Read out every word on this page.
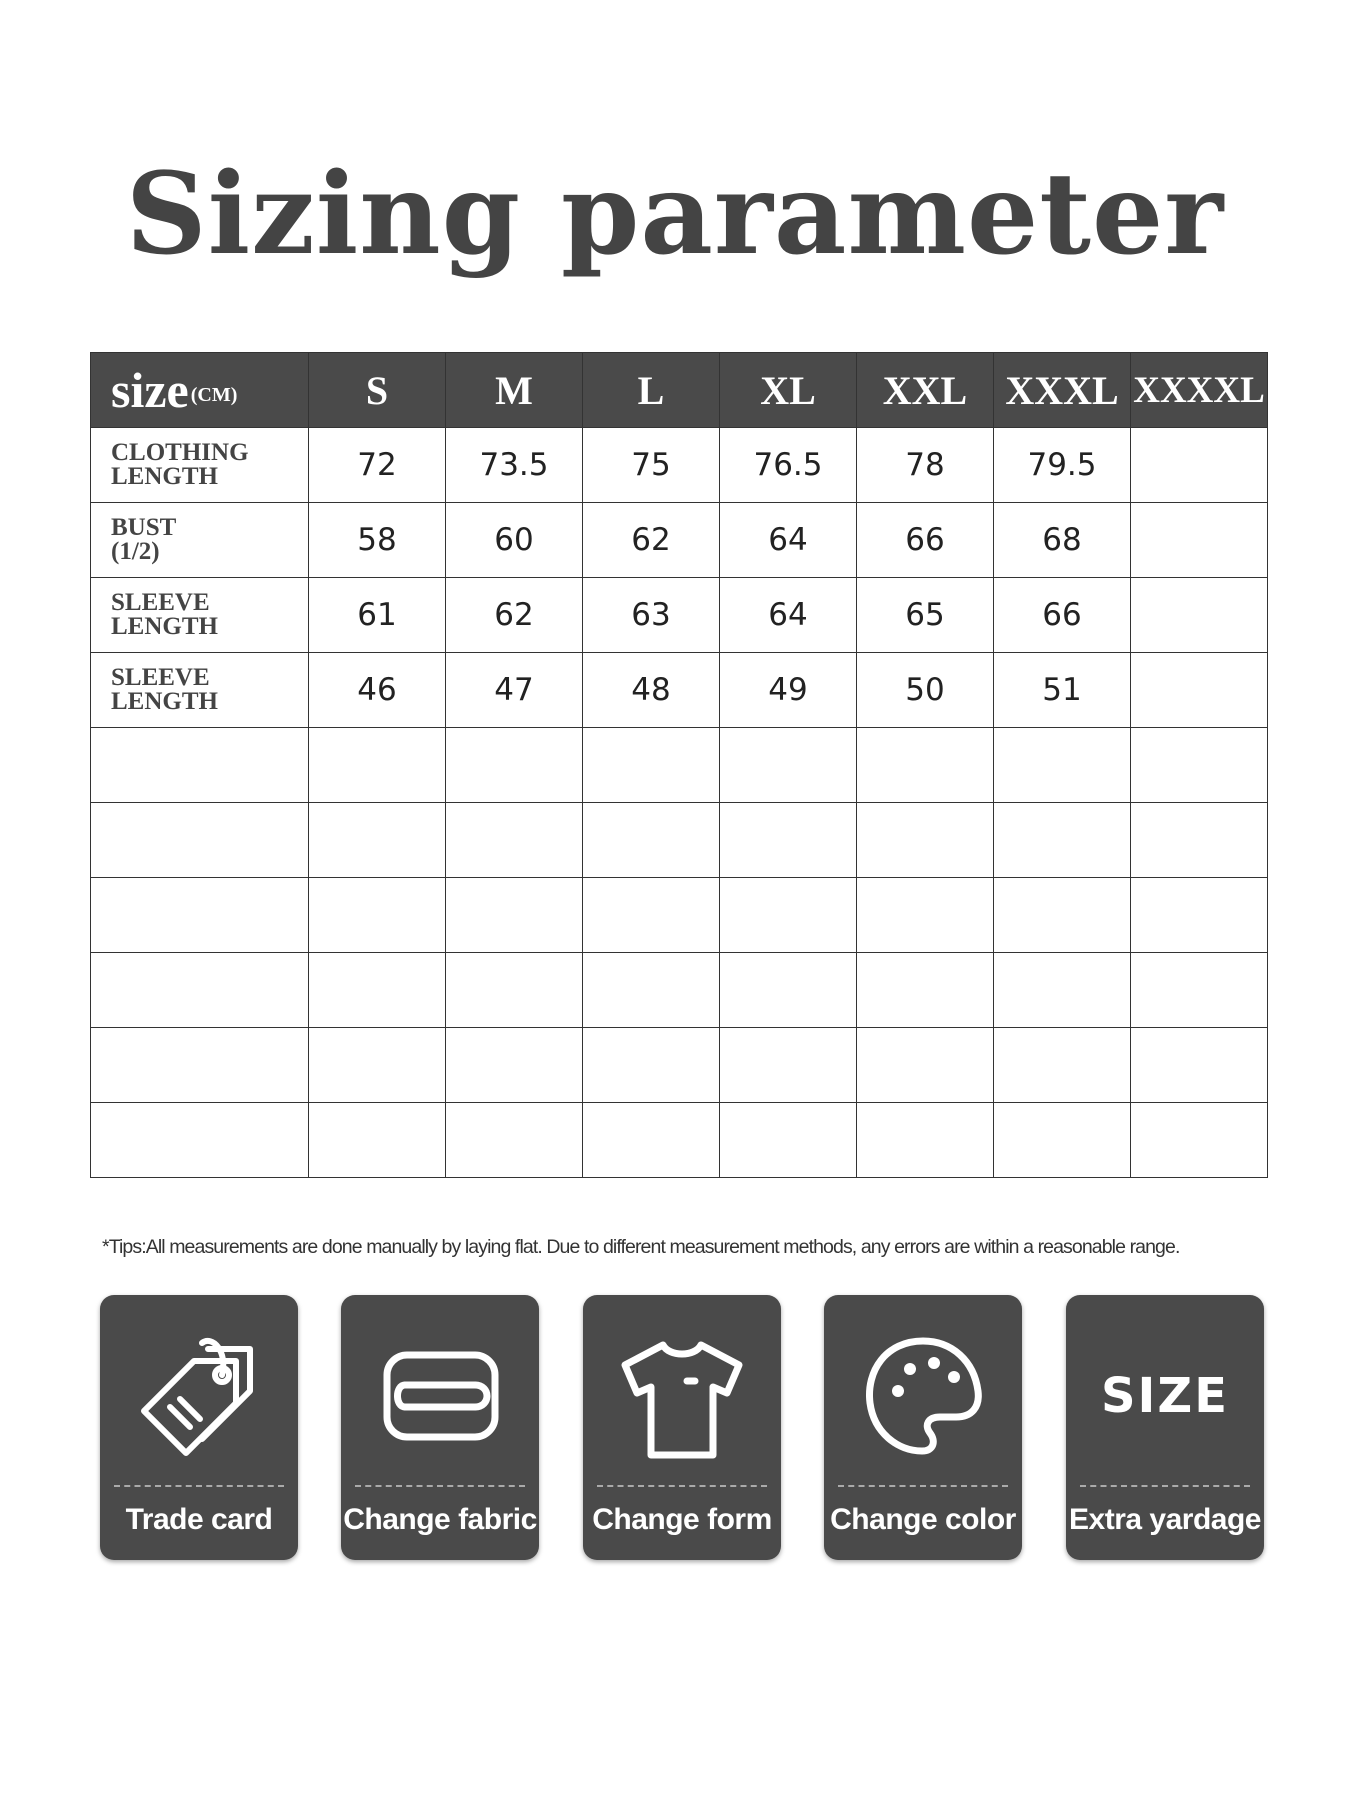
Sizing parameter
size (CM)	S	M	L	XL	XXL	XXXL	XXXXL
CLOTHING
LENGTH	72	73.5	75	76.5	78	79.5	
BUST
(1/2)	58	60	62	64	66	68	
SLEEVE
LENGTH	61	62	63	64	65	66	
SLEEVE
LENGTH	46	47	48	49	50	51	

*Tips:All measurements are done manually by laying flat. Due to different measurement methods, any errors are within a reasonable range.
Trade card	Change fabric	Change form	Change color
SIZE
Extra yardage
